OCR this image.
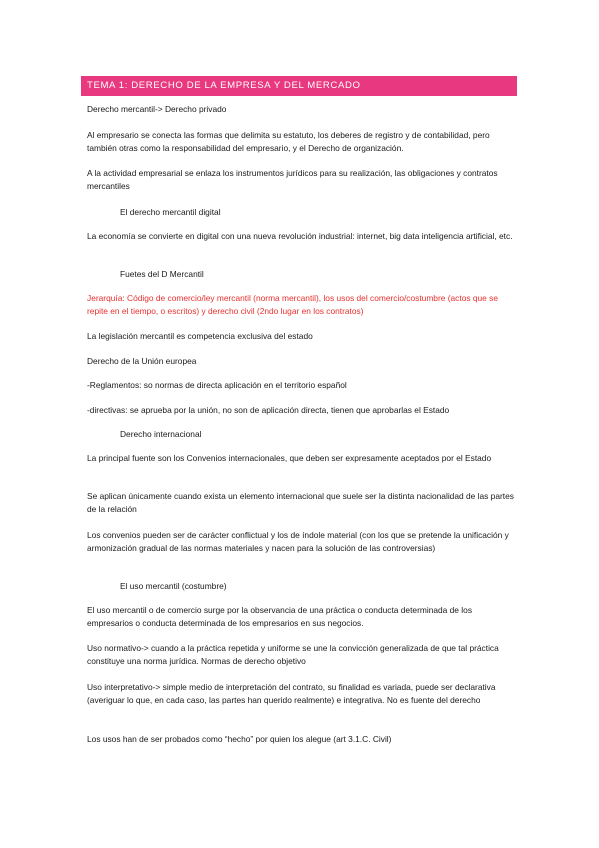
TEMA 1: DERECHO DE LA EMPRESA Y DEL MERCADO

Derecho mercantil-> Derecho privado

Al empresario se conecta las formas que delimita su estatuto, los deberes de registro y de contabilidad, pero también otras como la responsabilidad del empresario, y el Derecho de organización.

A la actividad empresarial se enlaza los instrumentos jurídicos para su realización, las obligaciones y contratos mercantiles

El derecho mercantil digital

La economía se convierte en digital con una nueva revolución industrial: internet, big data inteligencia artificial, etc.

Fuetes del D Mercantil

Jerarquía: Código de comercio/ley mercantil (norma mercantil), los usos del comercio/costumbre (actos que se repite en el tiempo, o escritos) y derecho civil (2ndo lugar en los contratos)

La legislación mercantil es competencia exclusiva del estado

Derecho de la Unión europea

-Reglamentos: so normas de directa aplicación en el territorio español

-directivas: se aprueba por la unión, no son de aplicación directa, tienen que aprobarlas el Estado

Derecho internacional

La principal fuente son los Convenios internacionales, que deben ser expresamente aceptados por el Estado

Se aplican únicamente cuando exista un elemento internacional que suele ser la distinta nacionalidad de las partes de la relación

Los convenios pueden ser de carácter conflictual y los de índole material (con los que se pretende la unificación y armonización gradual de las normas materiales y nacen para la solución de las controversias)

El uso mercantil (costumbre)

El uso mercantil o de comercio surge por la observancia de una práctica o conducta determinada de los empresarios o conducta determinada de los empresarios en sus negocios.

Uso normativo-> cuando a la práctica repetida y uniforme se une la convicción generalizada de que tal práctica constituye una norma jurídica. Normas de derecho objetivo

Uso interpretativo-> simple medio de interpretación del contrato, su finalidad es variada, puede ser declarativa (averiguar lo que, en cada caso, las partes han querido realmente) e integrativa. No es fuente del derecho

Los usos han de ser probados como “hecho” por quien los alegue (art 3.1.C. Civil)
